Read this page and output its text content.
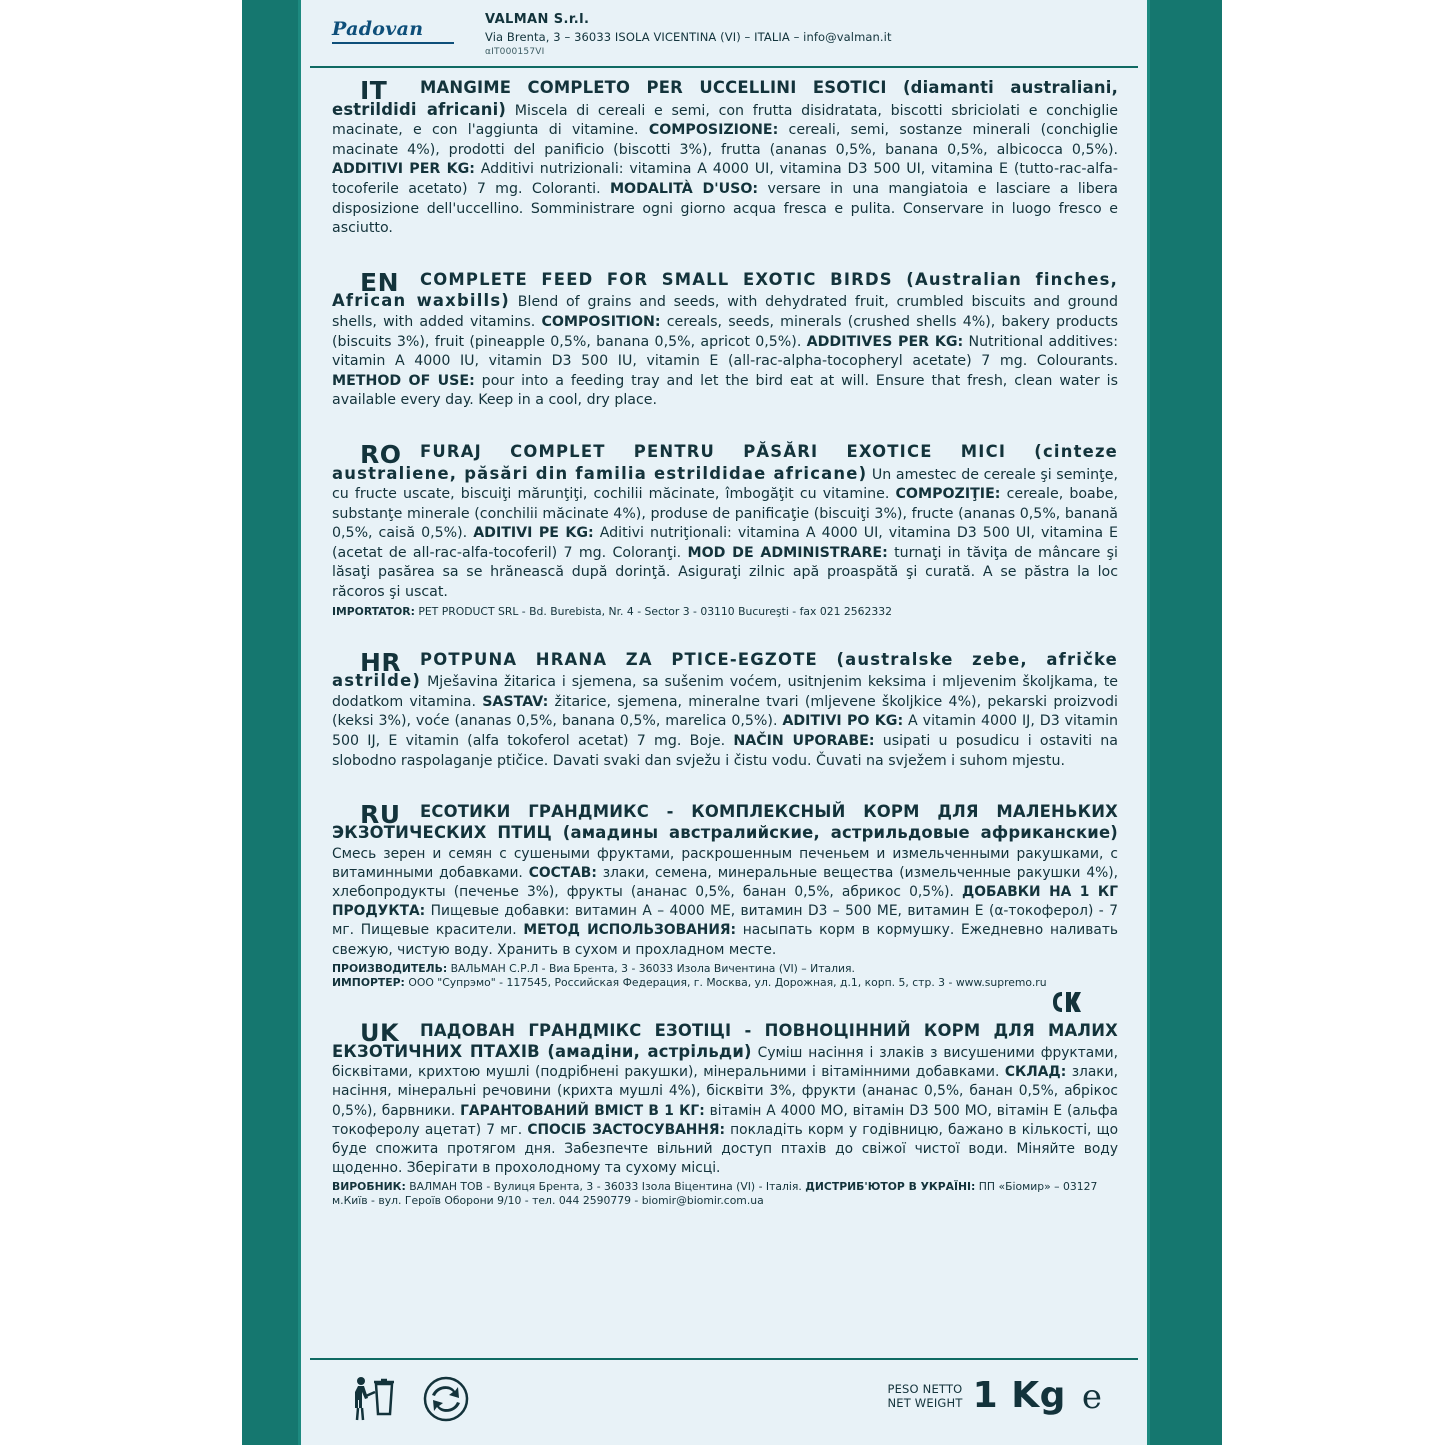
Padovan	VALMAN S.r.l.
Via Brenta, 3 – 36033 ISOLA VICENTINA (VI) – ITALIA – info@valman.it
αIT000157VI
IT	MANGIME COMPLETO PER UCCELLINI ESOTICI (diamanti australiani, estrildidi africani) Miscela di cereali e semi, con frutta disidratata, biscotti sbriciolati e conchiglie macinate, e con l'aggiunta di vitamine. COMPOSIZIONE: cereali, semi, sostanze minerali (conchiglie macinate 4%), prodotti del panificio (biscotti 3%), frutta (ananas 0,5%, banana 0,5%, albicocca 0,5%). ADDITIVI PER KG: Additivi nutrizionali: vitamina A 4000 UI, vitamina D3 500 UI, vitamina E (tutto-rac-alfa-tocoferile acetato) 7 mg. Coloranti. MODALITÀ D'USO: versare in una mangiatoia e lasciare a libera disposizione dell'uccellino. Somministrare ogni giorno acqua fresca e pulita. Conservare in luogo fresco e asciutto.
EN	COMPLETE FEED FOR SMALL EXOTIC BIRDS (Australian finches, African waxbills) Blend of grains and seeds, with dehydrated fruit, crumbled biscuits and ground shells, with added vitamins. COMPOSITION: cereals, seeds, minerals (crushed shells 4%), bakery products (biscuits 3%), fruit (pineapple 0,5%, banana 0,5%, apricot 0,5%). ADDITIVES PER KG: Nutritional additives: vitamin A 4000 IU, vitamin D3 500 IU, vitamin E (all-rac-alpha-tocopheryl acetate) 7 mg. Colourants. METHOD OF USE: pour into a feeding tray and let the bird eat at will. Ensure that fresh, clean water is available every day. Keep in a cool, dry place.
RO	FURAJ COMPLET PENTRU PĂSĂRI EXOTICE MICI (cinteze australiene, păsări din familia estrildidae africane) Un amestec de cereale şi seminţe, cu fructe uscate, biscuiţi mărunţiţi, cochilii măcinate, îmbogăţit cu vitamine. COMPOZIŢIE: cereale, boabe, substanţe minerale (conchilii măcinate 4%), produse de panificaţie (biscuiţi 3%), fructe (ananas 0,5%, banană 0,5%, caisă 0,5%). ADITIVI PE KG: Aditivi nutriţionali: vitamina A 4000 UI, vitamina D3 500 UI, vitamina E (acetat de all-rac-alfa-tocoferil) 7 mg. Coloranţi. MOD DE ADMINISTRARE: turnaţi in tăviţa de mâncare şi lăsaţi pasărea sa se hrănească după dorinţă. Asiguraţi zilnic apă proaspătă şi curată. A se păstra la loc răcoros şi uscat.
IMPORTATOR: PET PRODUCT SRL - Bd. Burebista, Nr. 4 - Sector 3 - 03110 Bucureşti - fax 021 2562332
HR	POTPUNA HRANA ZA PTICE-EGZOTE (australske zebe, afričke astrilde) Mješavina žitarica i sjemena, sa sušenim voćem, usitnjenim keksima i mljevenim školjkama, te dodatkom vitamina. SASTAV: žitarice, sjemena, mineralne tvari (mljevene školjkice 4%), pekarski proizvodi (keksi 3%), voće (ananas 0,5%, banana 0,5%, marelica 0,5%). ADITIVI PO KG: A vitamin 4000 IJ, D3 vitamin 500 IJ, E vitamin (alfa tokoferol acetat) 7 mg. Boje. NAČIN UPORABE: usipati u posudicu i ostaviti na slobodno raspolaganje ptičice. Davati svaki dan svježu i čistu vodu. Čuvati na svježem i suhom mjestu.
RU	ЕСОТИКИ ГРАНДМИКС - КОМПЛЕКСНЫЙ КОРМ ДЛЯ МАЛЕНЬКИХ ЭКЗОТИЧЕСКИХ ПТИЦ (амадины австралийские, астрильдовые африканские) Смесь зерен и семян с сушеными фруктами, раскрошенным печеньем и измельченными ракушками, с витаминными добавками. СОСТАВ: злаки, семена, минеральные вещества (измельченные ракушки 4%), хлебопродукты (печенье 3%), фрукты (ананас 0,5%, банан 0,5%, абрикос 0,5%). ДОБАВКИ НА 1 КГ ПРОДУКТА: Пищевые добавки: витамин А – 4000 МЕ, витамин D3 – 500 МЕ, витамин Е (α-токоферол) - 7 мг. Пищевые красители. МЕТОД ИСПОЛЬЗОВАНИЯ: насыпать корм в кормушку. Ежедневно наливать свежую, чистую воду. Хранить в сухом и прохладном месте.
ПРОИЗВОДИТЕЛЬ: ВАЛЬМАН С.Р.Л - Виа Брента, 3 - 36033 Изола Вичентина (VI) – Италия.
ИМПОРТЕР: ООО "Супрэмо" - 117545, Российская Федерация, г. Москва, ул. Дорожная, д.1, корп. 5, стр. 3 - www.supremo.ru
UK	ПАДОВАН ГРАНДМІКС ЕЗОТІЦІ - ПОВНОЦІННИЙ КОРМ ДЛЯ МАЛИХ ЕКЗОТИЧНИХ ПТАХІВ (амадіни, астрільди) Суміш насіння і злаків з висушеними фруктами, бісквітами, крихтою мушлі (подрібнені ракушки), мінеральними і вітамінними добавками. СКЛАД: злаки, насіння, мінеральні речовини (крихта мушлі 4%), бісквіти 3%, фрукти (ананас 0,5%, банан 0,5%, абрікос 0,5%), барвники. ГАРАНТОВАНИЙ ВМІСТ В 1 КГ: вітамін А 4000 МО, вітамін D3 500 МО, вітамін Е (альфа токоферолу ацетат) 7 мг. СПОСІБ ЗАСТОСУВАННЯ: покладіть корм у годівницю, бажано в кількості, що буде спожита протягом дня. Забезпечте вільний доступ птахів до свіжої чистої води. Міняйте воду щоденно. Зберігати в прохолодному та сухому місці.
ВИРОБНИК: ВАЛМАН ТОВ - Вулиця Брента, 3 - 36033 Ізола Віцентина (VI) - Італія. ДИСТРИБ'ЮТОР В УКРАЇНІ: ПП «Біомир» – 03127 м.Київ - вул. Героїв Оборони 9/10 - тел. 044 2590779 - biomir@biomir.com.ua
PESO NETTO
NET WEIGHT 1 Kg e
